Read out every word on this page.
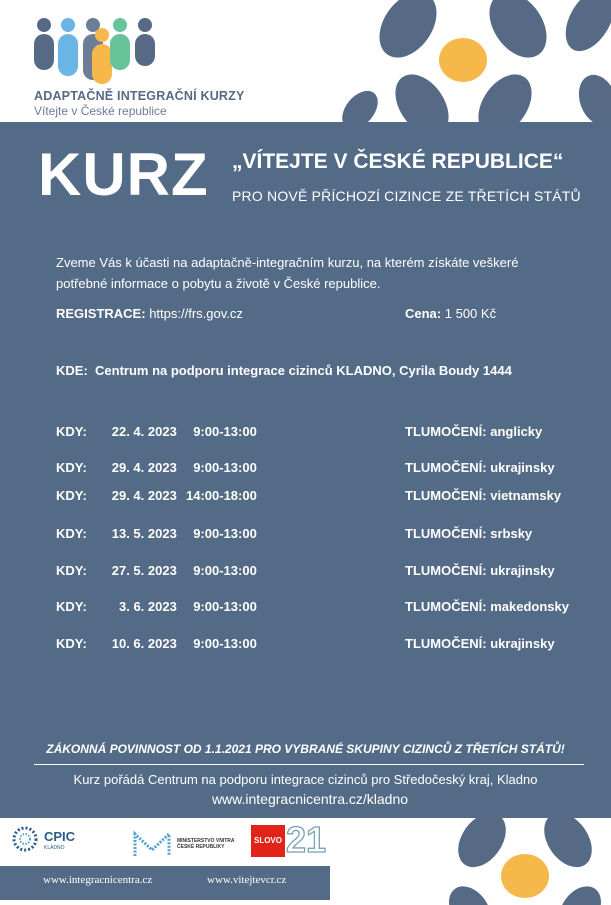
ADAPTAČNĚ INTEGRAČNÍ KURZY
Vítejte v České republice
KURZ „VÍTEJTE V ČESKÉ REPUBLICE“
PRO NOVĚ PŘÍCHOZÍ CIZINCE ZE TŘETÍCH STÁTŮ
Zveme Vás k účasti na adaptačně-integračním kurzu, na kterém získáte veškeré potřebné informace o pobytu a životě v České republice.
REGISTRACE: https://frs.gov.cz	Cena: 1 500 Kč
KDE: Centrum na podporu integrace cizinců KLADNO, Cyrila Boudy 1444
KDY: 22. 4. 2023 9:00-13:00	TLUMOČENÍ: anglicky
KDY: 29. 4. 2023 9:00-13:00	TLUMOČENÍ: ukrajinsky
KDY: 29. 4. 2023 14:00-18:00	TLUMOČENÍ: vietnamsky
KDY: 13. 5. 2023 9:00-13:00	TLUMOČENÍ: srbsky
KDY: 27. 5. 2023 9:00-13:00	TLUMOČENÍ: ukrajinsky
KDY: 3. 6. 2023 9:00-13:00	TLUMOČENÍ: makedonsky
KDY: 10. 6. 2023 9:00-13:00	TLUMOČENÍ: ukrajinsky
ZÁKONNÁ POVINNOST OD 1.1.2021 PRO VYBRANÉ SKUPINY CIZINCŮ Z TŘETÍCH STÁTŮ!
Kurz pořádá Centrum na podporu integrace cizinců pro Středočeský kraj, Kladno
www.integracnicentra.cz/kladno
CPIC
KLADNO
MINISTERSTVO VNITRA ČESKÉ REPUBLIKY
SLOVO 21
www.integracnicentra.cz	www.vitejtevcr.cz
